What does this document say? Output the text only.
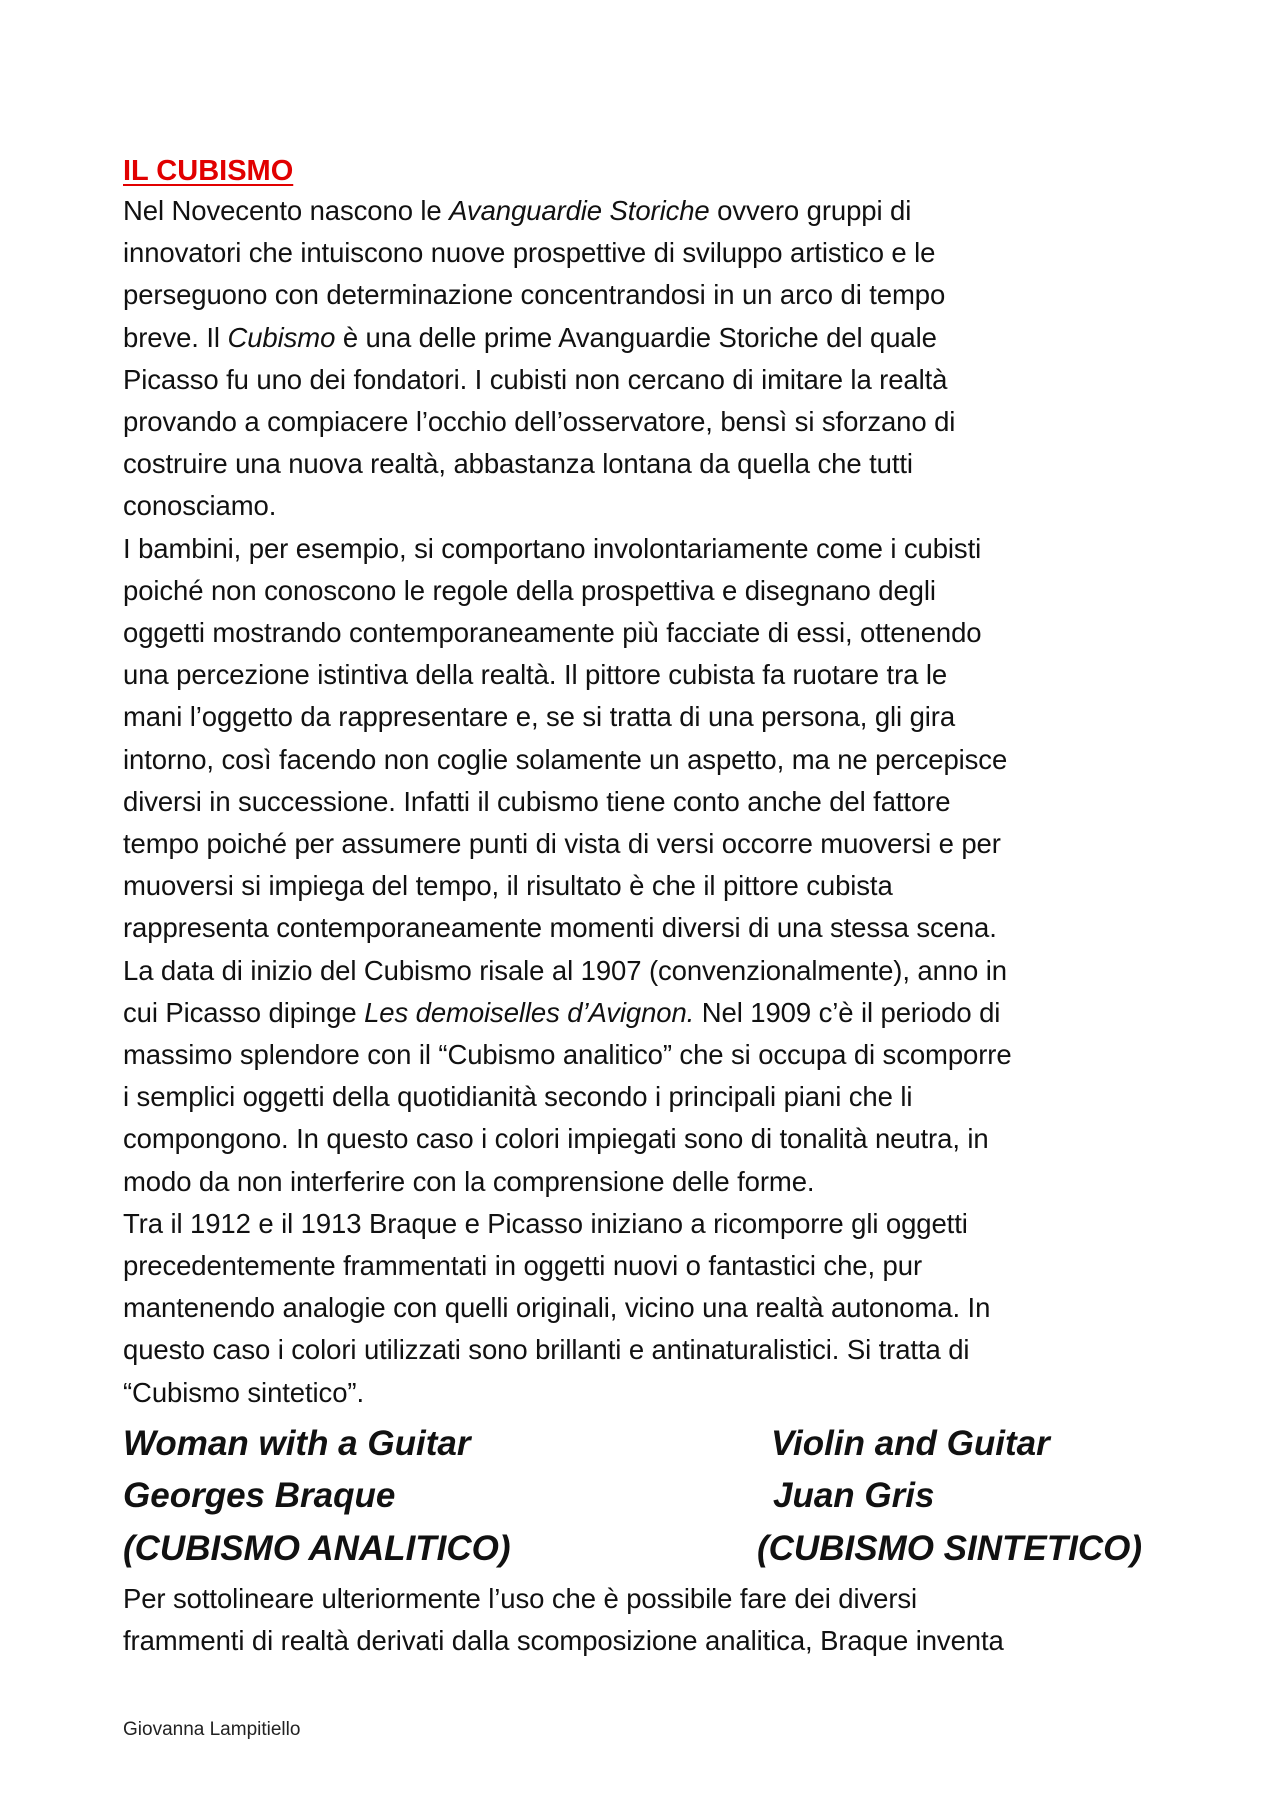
IL CUBISMO

Nel Novecento nascono le Avanguardie Storiche ovvero gruppi di
innovatori che intuiscono nuove prospettive di sviluppo artistico e le
perseguono con determinazione concentrandosi in un arco di tempo
breve. Il Cubismo è una delle prime Avanguardie Storiche del quale
Picasso fu uno dei fondatori. I cubisti non cercano di imitare la realtà
provando a compiacere l’occhio dell’osservatore, bensì si sforzano di
costruire una nuova realtà, abbastanza lontana da quella che tutti
conosciamo.

I bambini, per esempio, si comportano involontariamente come i cubisti
poiché non conoscono le regole della prospettiva e disegnano degli
oggetti mostrando contemporaneamente più facciate di essi, ottenendo
una percezione istintiva della realtà. Il pittore cubista fa ruotare tra le
mani l’oggetto da rappresentare e, se si tratta di una persona, gli gira
intorno, così facendo non coglie solamente un aspetto, ma ne percepisce
diversi in successione. Infatti il cubismo tiene conto anche del fattore
tempo poiché per assumere punti di vista di versi occorre muoversi e per
muoversi si impiega del tempo, il risultato è che il pittore cubista
rappresenta contemporaneamente momenti diversi di una stessa scena.

La data di inizio del Cubismo risale al 1907 (convenzionalmente), anno in
cui Picasso dipinge Les demoiselles d’Avignon. Nel 1909 c’è il periodo di
massimo splendore con il “Cubismo analitico” che si occupa di scomporre
i semplici oggetti della quotidianità secondo i principali piani che li
compongono. In questo caso i colori impiegati sono di tonalità neutra, in
modo da non interferire con la comprensione delle forme.

Tra il 1912 e il 1913 Braque e Picasso iniziano a ricomporre gli oggetti
precedentemente frammentati in oggetti nuovi o fantastici che, pur
mantenendo analogie con quelli originali, vicino una realtà autonoma. In
questo caso i colori utilizzati sono brillanti e antinaturalistici. Si tratta di
“Cubismo sintetico”.

Woman with a Guitar
Georges Braque
(CUBISMO ANALITICO)
Violin and Guitar
Juan Gris
(CUBISMO SINTETICO)

Per sottolineare ulteriormente l’uso che è possibile fare dei diversi
frammenti di realtà derivati dalla scomposizione analitica, Braque inventa

Giovanna Lampitiello
